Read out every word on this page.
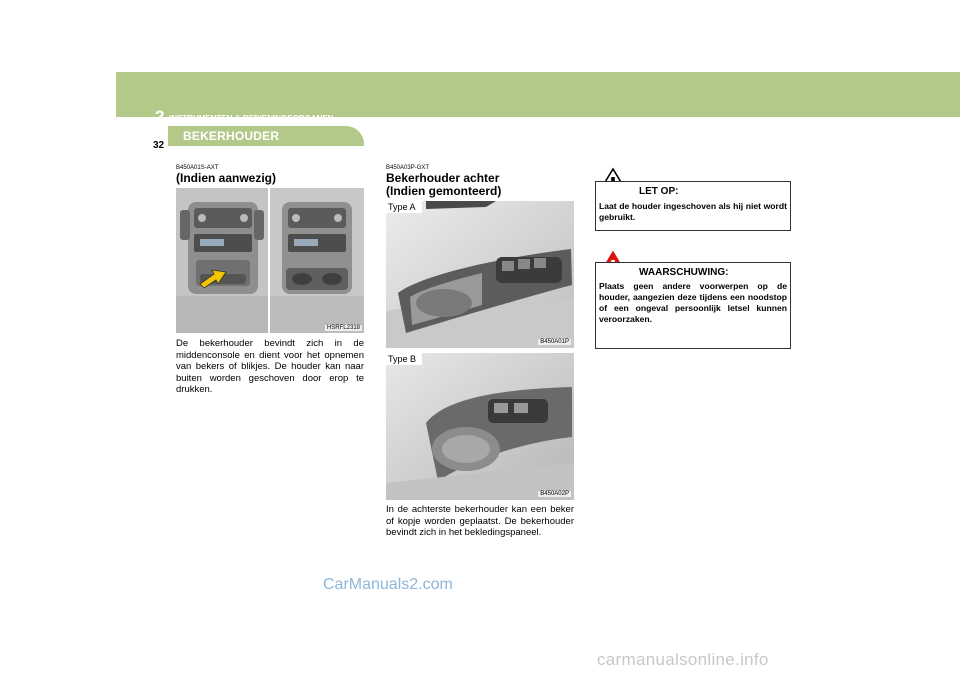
2 INSTRUMENTEN & BEDIENINGSORGANEN
BEKERHOUDER
32
B450A01S-AXT
(Indien aanwezig)
HSRFL2318
De bekerhouder bevindt zich in de middenconsole en dient voor het opnemen van bekers of blikjes. De houder kan naar buiten worden geschoven door erop te drukken.
B450A03P-GXT
Bekerhouder achter
(Indien gemonteerd)
Type A
B450A01P
Type B
B450A02P
In de achterste bekerhouder kan een beker of kopje worden geplaatst. De bekerhouder bevindt zich in het bekledingspaneel.
LET OP:
Laat de houder ingeschoven als hij niet wordt gebruikt.
WAARSCHUWING:
Plaats geen andere voorwerpen op de houder, aangezien deze tijdens een noodstop of een ongeval persoonlijk letsel kunnen veroorzaken.
CarManuals2.com
carmanualsonline.info
